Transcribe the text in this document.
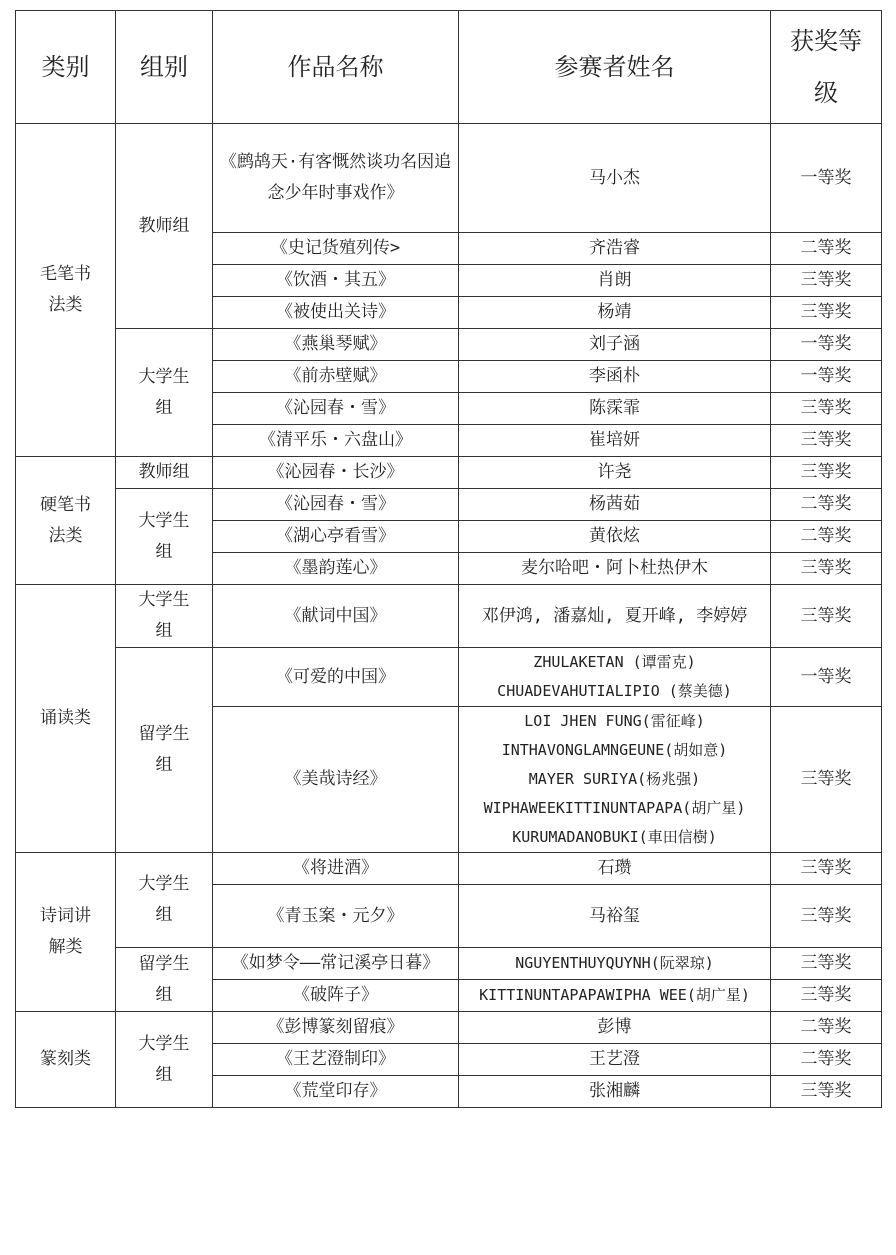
类别	组别	作品名称	参赛者姓名	获奖等级
毛笔书法类	教师组	《鹧鸪天·有客慨然谈功名因追念少年时事戏作》	马小杰	一等奖
		《史记货殖列传>	齐浩睿	二等奖
		《饮酒・其五》	肖朗	三等奖
		《被使出关诗》	杨靖	三等奖
	大学生组	《燕巢琴赋》	刘子涵	一等奖
		《前赤壁赋》	李函朴	一等奖
		《沁园春・雪》	陈霂霏	三等奖
		《清平乐・六盘山》	崔培妍	三等奖
硬笔书法类	教师组	《沁园春・长沙》	许尧	三等奖
	大学生组	《沁园春・雪》	杨茜茹	二等奖
		《湖心亭看雪》	黄依炫	二等奖
		《墨韵莲心》	麦尔哈吧・阿卜杜热伊木	三等奖
诵读类	大学生组	《献词中国》	邓伊鸿, 潘嘉灿, 夏开峰, 李婷婷	三等奖
	留学生组	《可爱的中国》	ZHULAKETAN (谭雷克)
CHUADEVAHUTIALIPIO (蔡美德)	一等奖
		《美哉诗经》	LOI JHEN FUNG(雷征峰)
INTHAVONGLAMNGEUNE(胡如意)
MAYER SURIYA(杨兆强)
WIPHAWEEKITTINUNTAPAPA(胡广星)
KURUMADANOBUKI(車田信樹)	三等奖
诗词讲解类	大学生组	《将进酒》	石瓒	三等奖
		《青玉案・元夕》	马裕玺	三等奖
	留学生组	《如梦令——常记溪亭日暮》	NGUYENTHUYQUYNH(阮翠琼)	三等奖
		《破阵子》	KITTINUNTAPAPAWIPHA WEE(胡广星)	三等奖
篆刻类	大学生组	《彭博篆刻留痕》	彭博	二等奖
		《王艺澄制印》	王艺澄	二等奖
		《荒堂印存》	张湘麟	三等奖
